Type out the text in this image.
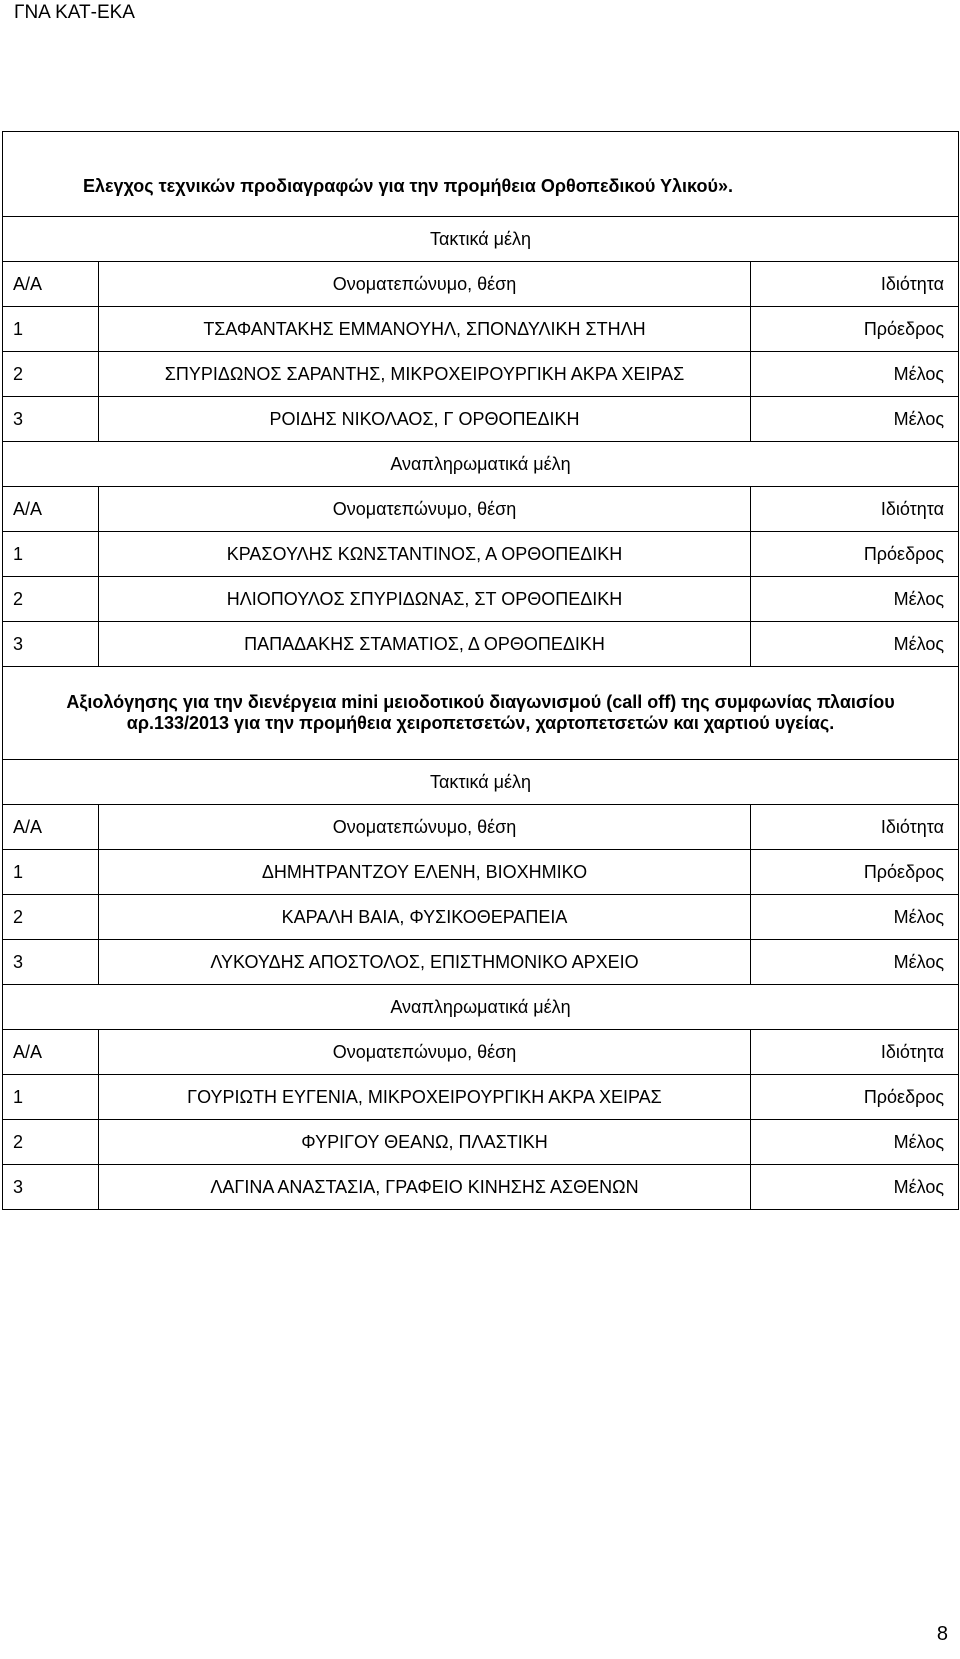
ΓΝΑ ΚΑΤ-ΕΚΑ
Ελεγχος τεχνικών προδιαγραφών για την προμήθεια Ορθοπεδικού Υλικού».		
Τακτικά μέλη		
Α/Α	Ονοματεπώνυμο, θέση	Ιδιότητα
1	ΤΣΑΦΑΝΤΑΚΗΣ ΕΜΜΑΝΟΥΗΛ, ΣΠΟΝΔΥΛΙΚΗ ΣΤΗΛΗ	Πρόεδρος
2	ΣΠΥΡΙΔΩΝΟΣ ΣΑΡΑΝΤΗΣ, ΜΙΚΡΟΧΕΙΡΟΥΡΓΙΚΗ ΑΚΡΑ ΧΕΙΡΑΣ	Μέλος
3	ΡΟΙΔΗΣ ΝΙΚΟΛΑΟΣ, Γ ΟΡΘΟΠΕΔΙΚΗ	Μέλος
Αναπληρωματικά μέλη		
Α/Α	Ονοματεπώνυμο, θέση	Ιδιότητα
1	ΚΡΑΣΟΥΛΗΣ ΚΩΝΣΤΑΝΤΙΝΟΣ, Α ΟΡΘΟΠΕΔΙΚΗ	Πρόεδρος
2	ΗΛΙΟΠΟΥΛΟΣ ΣΠΥΡΙΔΩΝΑΣ, ΣΤ ΟΡΘΟΠΕΔΙΚΗ	Μέλος
3	ΠΑΠΑΔΑΚΗΣ ΣΤΑΜΑΤΙΟΣ, Δ ΟΡΘΟΠΕΔΙΚΗ	Μέλος
Αξιολόγησης για την διενέργεια mini μειοδοτικού διαγωνισμού (call off) της συμφωνίας πλαισίου αρ.133/2013 για την προμήθεια χειροπετσετών, χαρτοπετσετών και χαρτιού υγείας.		
Τακτικά μέλη		
Α/Α	Ονοματεπώνυμο, θέση	Ιδιότητα
1	ΔΗΜΗΤΡΑΝΤΖΟΥ ΕΛΕΝΗ, ΒΙΟΧΗΜΙΚΟ	Πρόεδρος
2	ΚΑΡΑΛΗ ΒΑΙΑ, ΦΥΣΙΚΟΘΕΡΑΠΕΙΑ	Μέλος
3	ΛΥΚΟΥΔΗΣ ΑΠΟΣΤΟΛΟΣ, ΕΠΙΣΤΗΜΟΝΙΚΟ ΑΡΧΕΙΟ	Μέλος
Αναπληρωματικά μέλη		
Α/Α	Ονοματεπώνυμο, θέση	Ιδιότητα
1	ΓΟΥΡΙΩΤΗ ΕΥΓΕΝΙΑ, ΜΙΚΡΟΧΕΙΡΟΥΡΓΙΚΗ ΑΚΡΑ ΧΕΙΡΑΣ	Πρόεδρος
2	ΦΥΡΙΓΟΥ ΘΕΑΝΩ, ΠΛΑΣΤΙΚΗ	Μέλος
3	ΛΑΓΙΝΑ ΑΝΑΣΤΑΣΙΑ, ΓΡΑΦΕΙΟ ΚΙΝΗΣΗΣ ΑΣΘΕΝΩΝ	Μέλος
8
